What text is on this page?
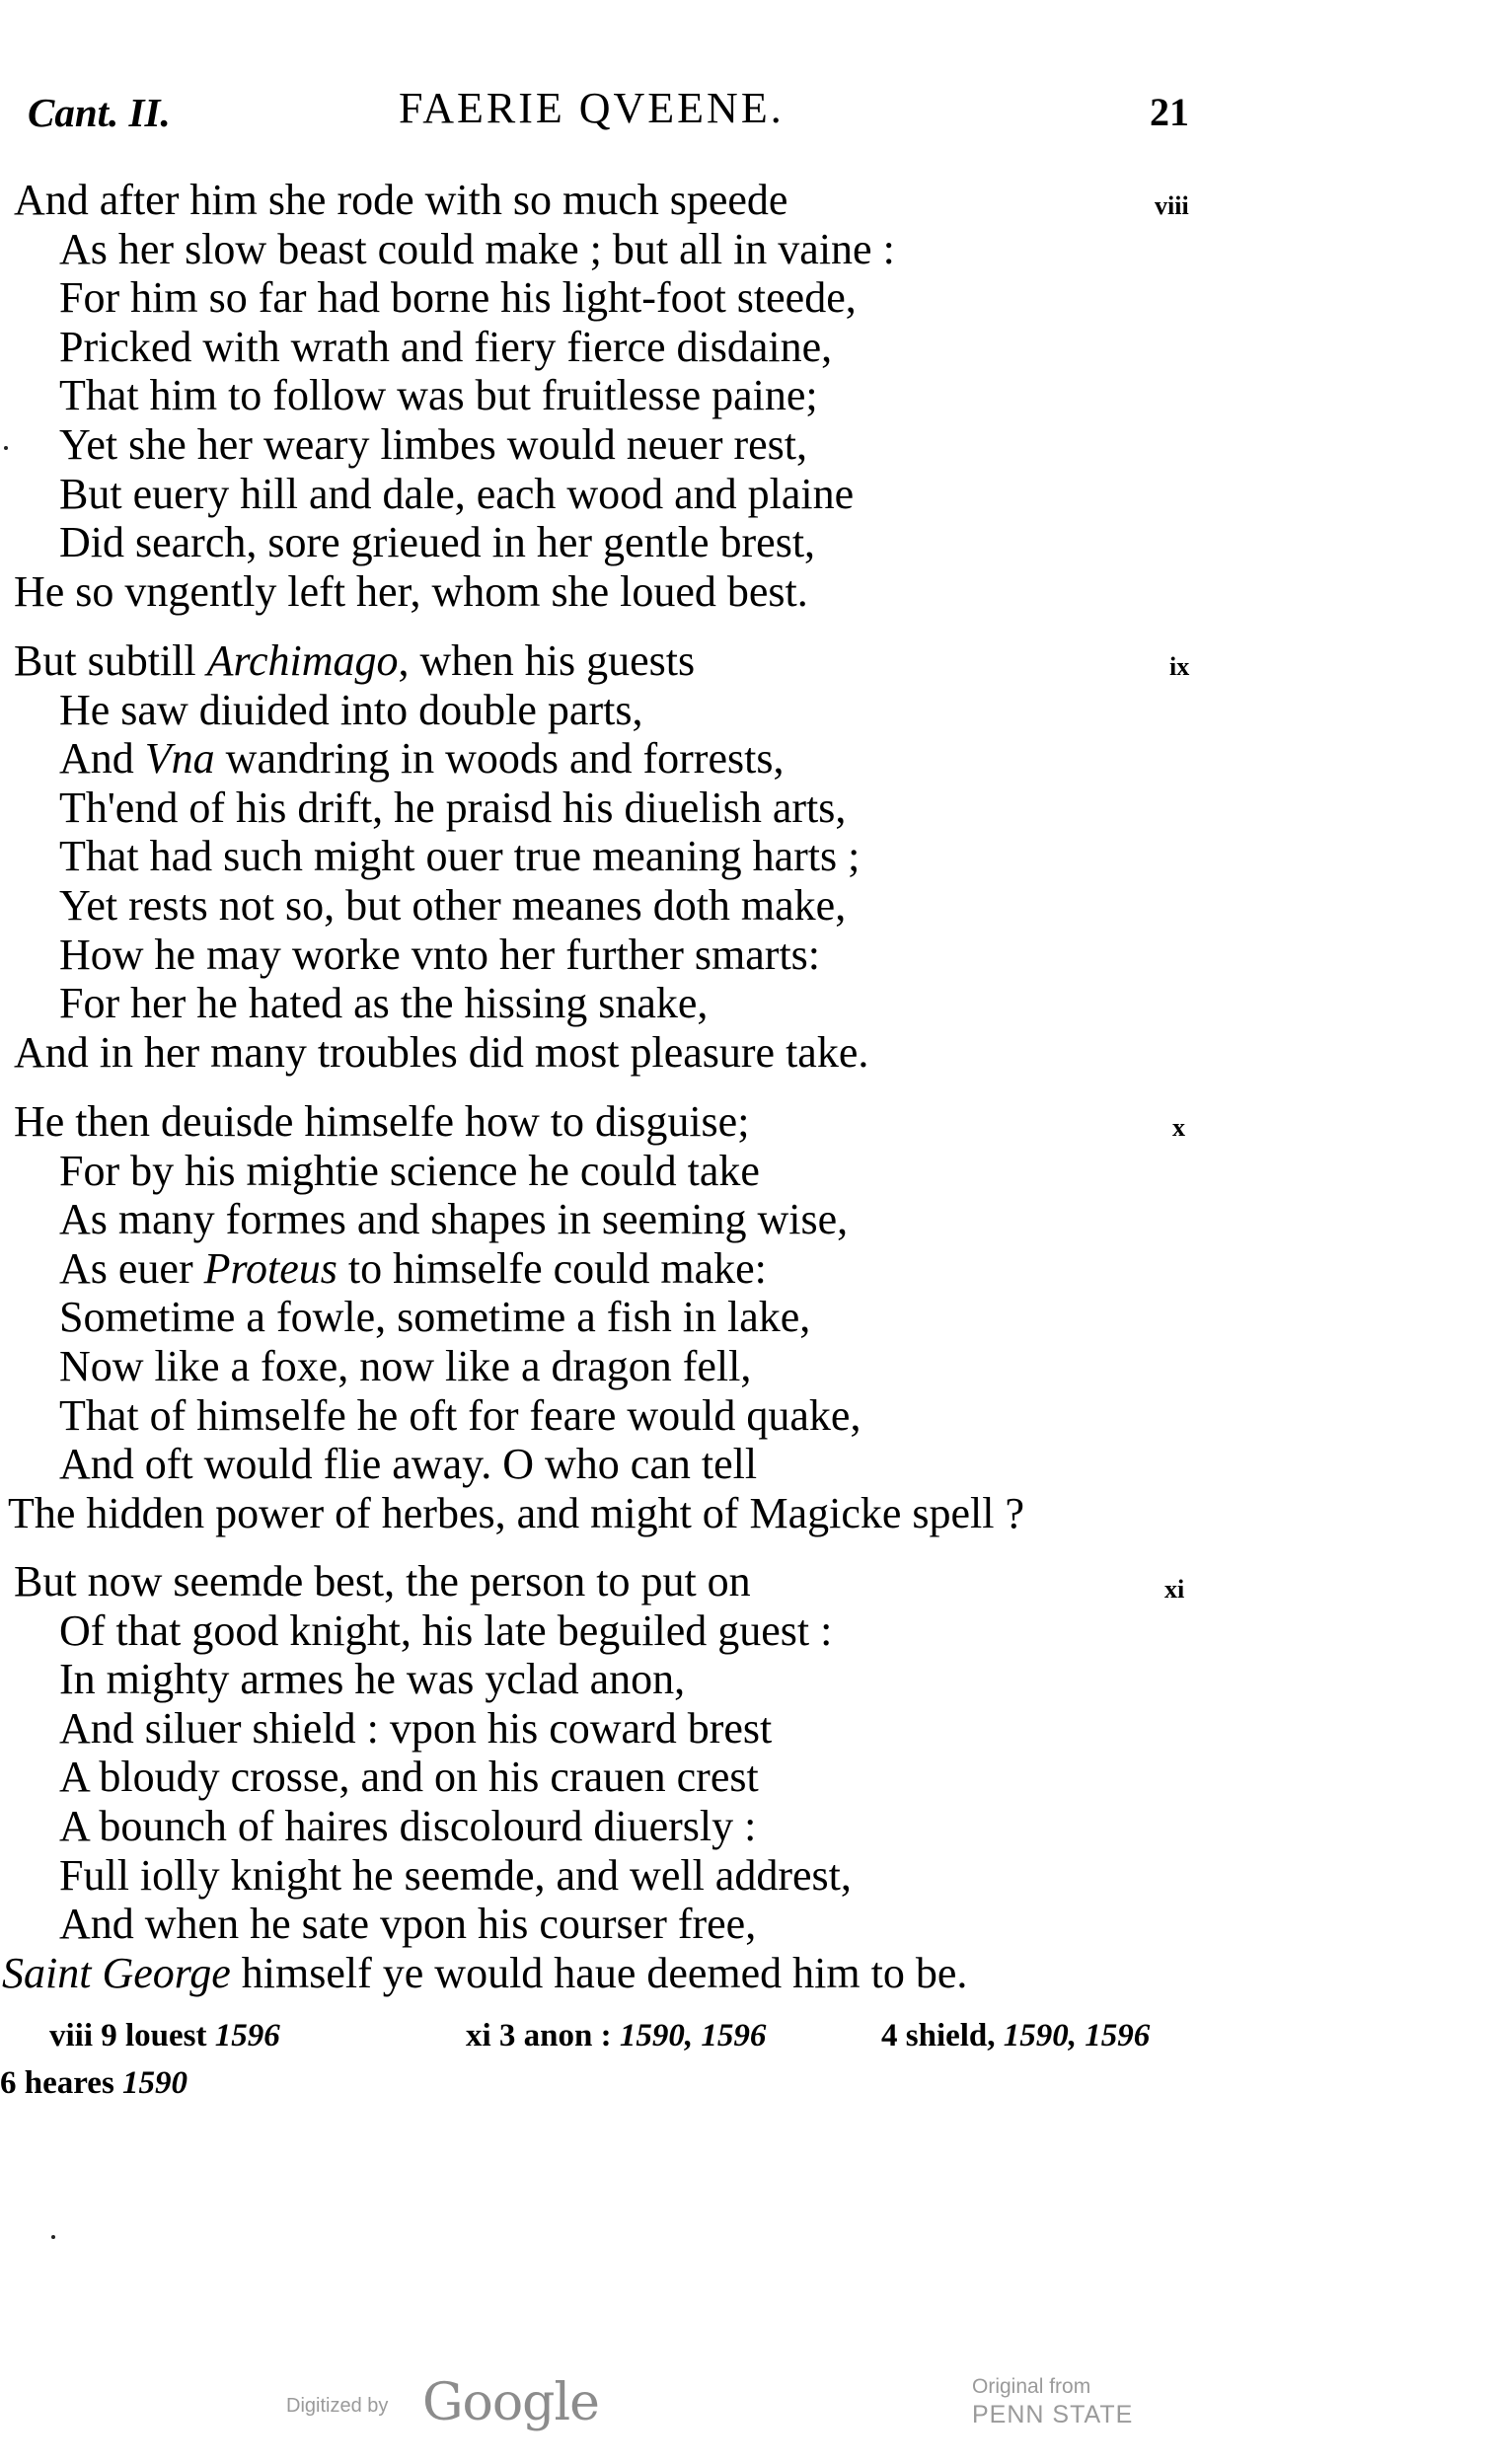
Cant. II.	FAERIE QVEENE.	21
viii
And after him she rode with so much speede
As her slow beast could make ; but all in vaine :
For him so far had borne his light-foot steede,
Pricked with wrath and fiery fierce disdaine,
That him to follow was but fruitlesse paine;
Yet she her weary limbes would neuer rest,
But euery hill and dale, each wood and plaine
Did search, sore grieued in her gentle brest,
He so vngently left her, whom she loued best.
ix
But subtill Archimago, when his guests
He saw diuided into double parts,
And Vna wandring in woods and forrests,
Th'end of his drift, he praisd his diuelish arts,
That had such might ouer true meaning harts ;
Yet rests not so, but other meanes doth make,
How he may worke vnto her further smarts:
For her he hated as the hissing snake,
And in her many troubles did most pleasure take.
x
He then deuisde himselfe how to disguise;
For by his mightie science he could take
As many formes and shapes in seeming wise,
As euer Proteus to himselfe could make:
Sometime a fowle, sometime a fish in lake,
Now like a foxe, now like a dragon fell,
That of himselfe he oft for feare would quake,
And oft would flie away. O who can tell
The hidden power of herbes, and might of Magicke spell ?
xi
But now seemde best, the person to put on
Of that good knight, his late beguiled guest :
In mighty armes he was yclad anon,
And siluer shield : vpon his coward brest
A bloudy crosse, and on his crauen crest
A bounch of haires discolourd diuersly :
Full iolly knight he seemde, and well addrest,
And when he sate vpon his courser free,
Saint George himself ye would haue deemed him to be.
viii 9 louest 1596	xi 3 anon : 1590, 1596	4 shield, 1590, 1596
6 heares 1590
Digitized by Google	Original from
PENN STATE
